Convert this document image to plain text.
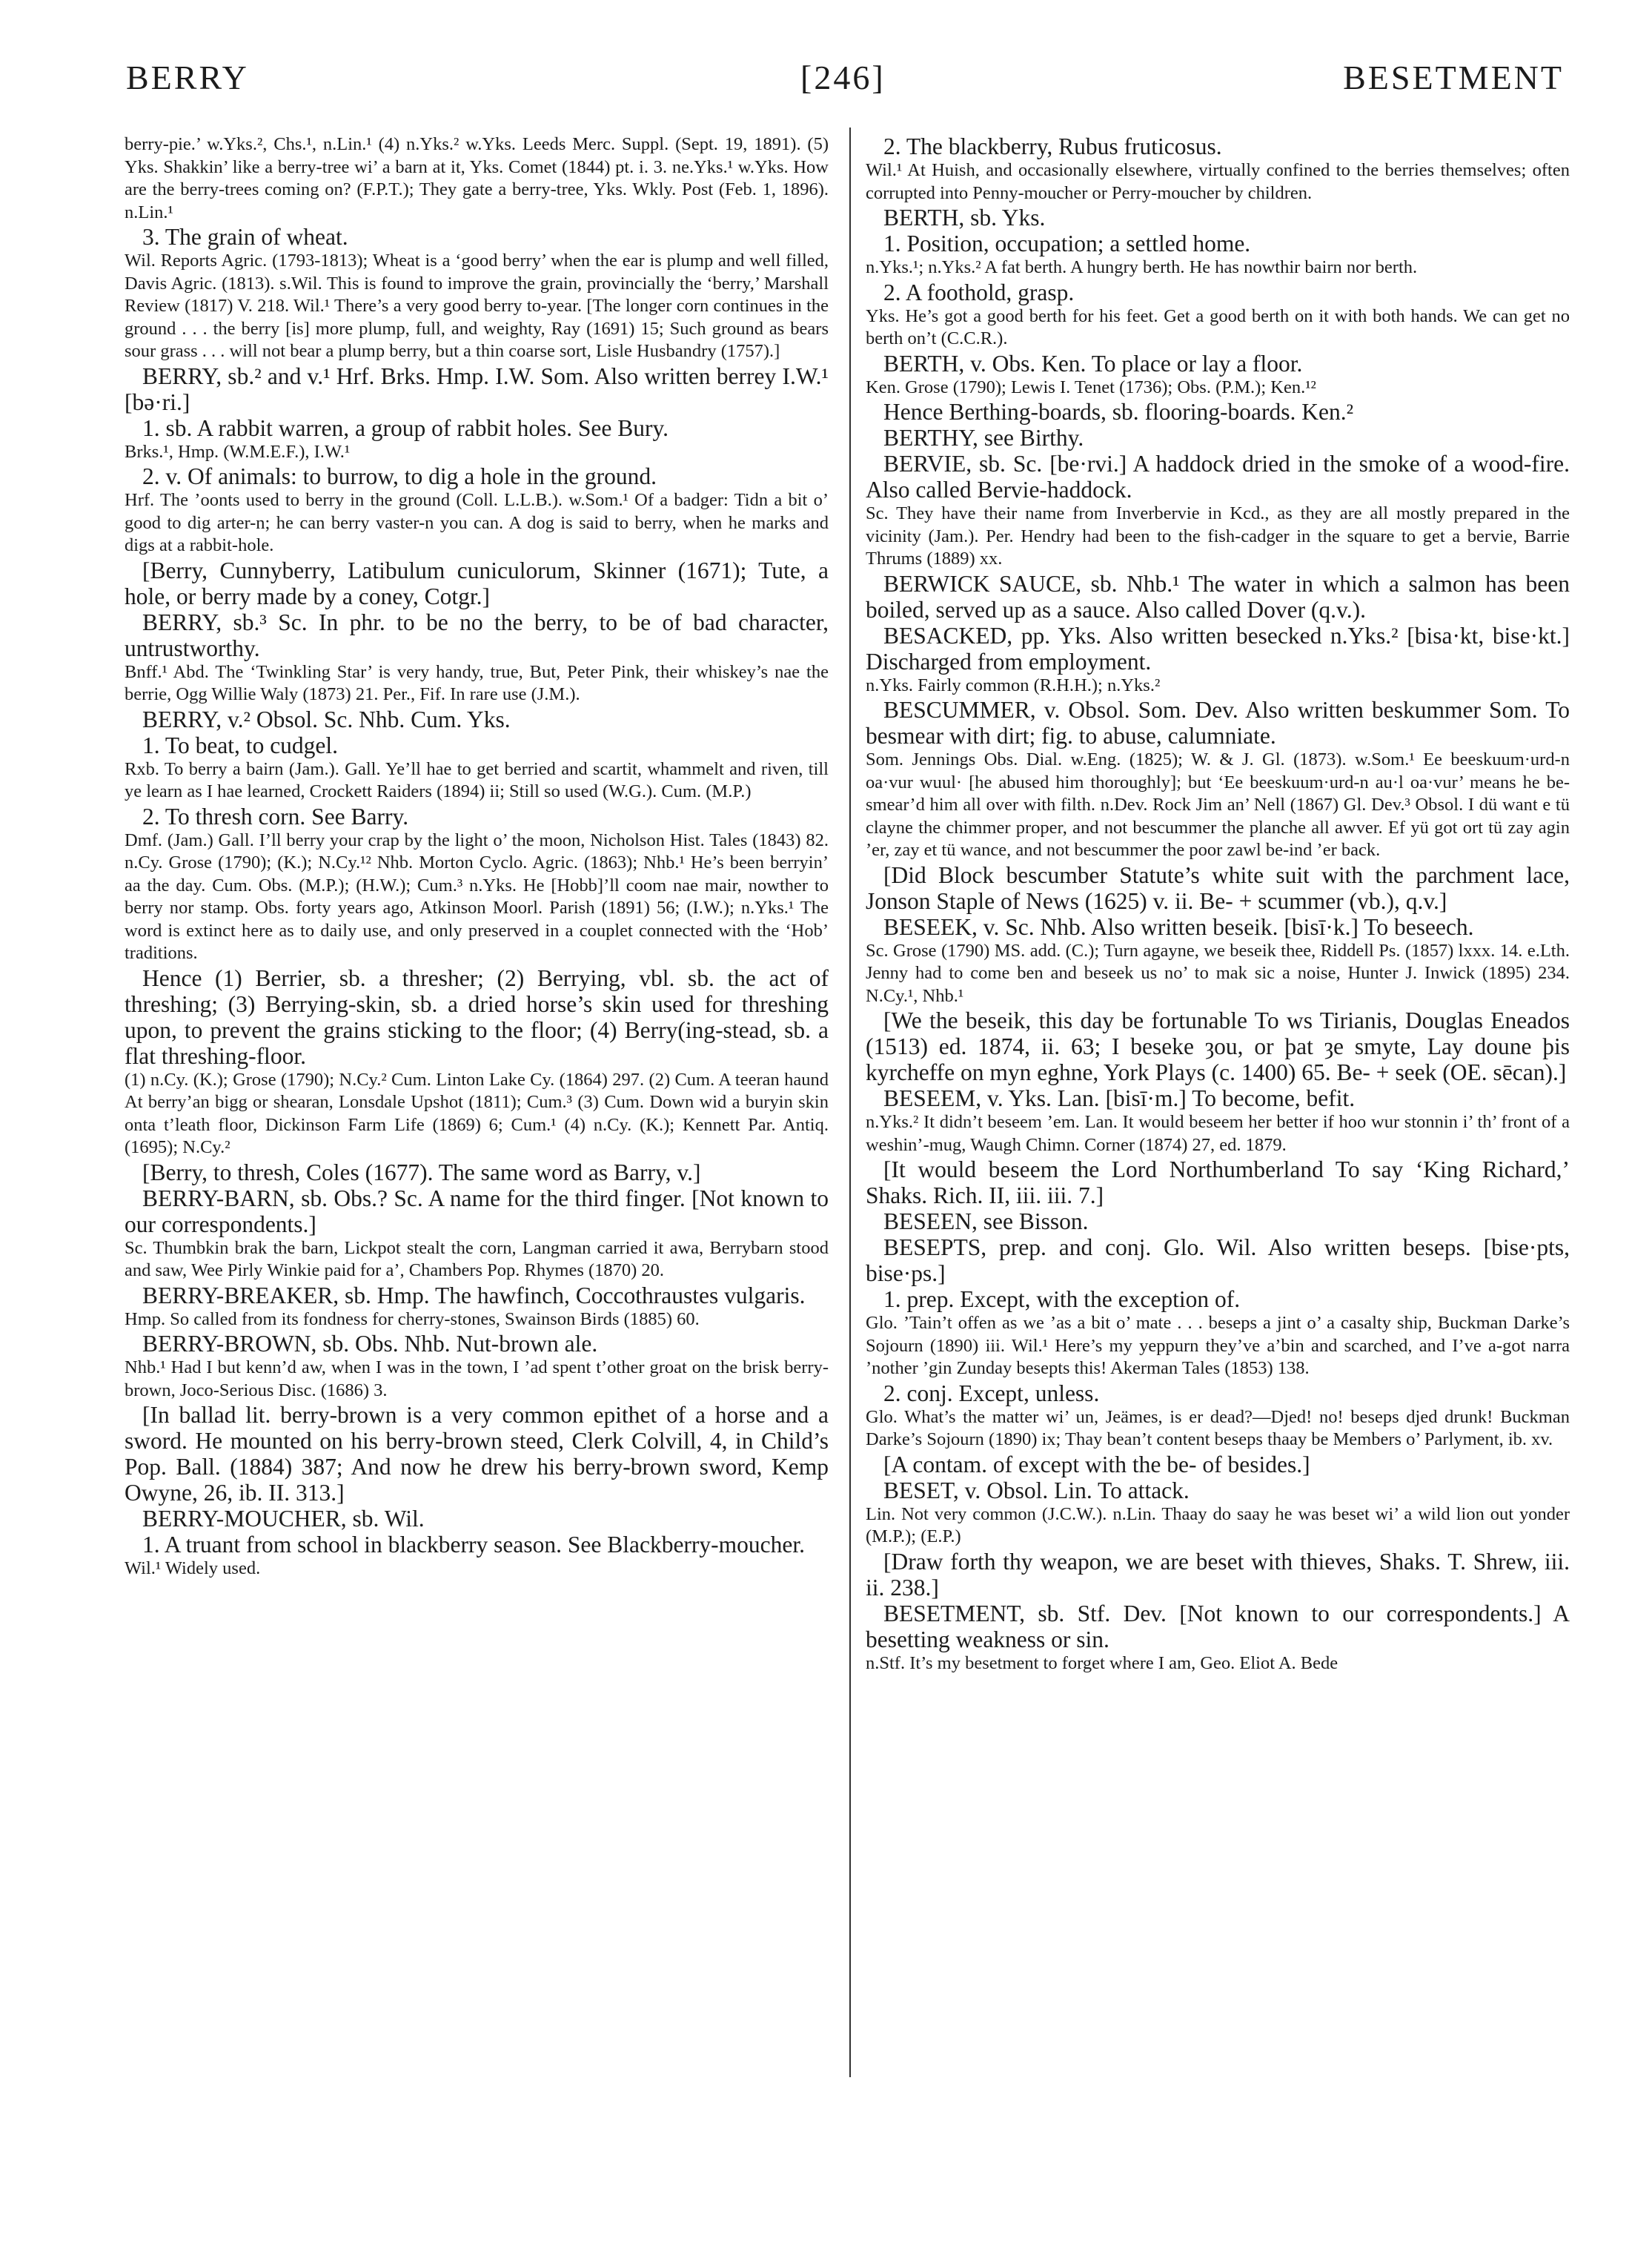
BERRY	[246]	BESETMENT

berry-pie.’ w.Yks.², Chs.¹, n.Lin.¹ (4) n.Yks.² w.Yks. Leeds Merc. Suppl. (Sept. 19, 1891). (5) Yks. Shakkin’ like a berry-tree wi’ a barn at it, Yks. Comet (1844) pt. i. 3. ne.Yks.¹ w.Yks. How are the berry-trees coming on? (F.P.T.); They gate a berry-tree, Yks. Wkly. Post (Feb. 1, 1896). n.Lin.¹

3. The grain of wheat.

Wil. Reports Agric. (1793-1813); Wheat is a ‘good berry’ when the ear is plump and well filled, Davis Agric. (1813). s.Wil. This is found to improve the grain, provincially the ‘berry,’ Marshall Review (1817) V. 218. Wil.¹ There’s a very good berry to-year. [The longer corn continues in the ground . . . the berry [is] more plump, full, and weighty, Ray (1691) 15; Such ground as bears sour grass . . . will not bear a plump berry, but a thin coarse sort, Lisle Husbandry (1757).]

BERRY, sb.² and v.¹ Hrf. Brks. Hmp. I.W. Som. Also written berrey I.W.¹ [bə·ri.]

1. sb. A rabbit warren, a group of rabbit holes. See Bury.

Brks.¹, Hmp. (W.M.E.F.), I.W.¹

2. v. Of animals: to burrow, to dig a hole in the ground.

Hrf. The ’oonts used to berry in the ground (Coll. L.L.B.). w.Som.¹ Of a badger: Tidn a bit o’ good to dig arter-n; he can berry vaster-n you can. A dog is said to berry, when he marks and digs at a rabbit-hole.

[Berry, Cunnyberry, Latibulum cuniculorum, Skinner (1671); Tute, a hole, or berry made by a coney, Cotgr.]

BERRY, sb.³ Sc. In phr. to be no the berry, to be of bad character, untrustworthy.

Bnff.¹ Abd. The ‘Twinkling Star’ is very handy, true, But, Peter Pink, their whiskey’s nae the berrie, Ogg Willie Waly (1873) 21. Per., Fif. In rare use (J.M.).

BERRY, v.² Obsol. Sc. Nhb. Cum. Yks.

1. To beat, to cudgel.

Rxb. To berry a bairn (Jam.). Gall. Ye’ll hae to get berried and scartit, whammelt and riven, till ye learn as I hae learned, Crockett Raiders (1894) ii; Still so used (W.G.). Cum. (M.P.)

2. To thresh corn. See Barry.

Dmf. (Jam.) Gall. I’ll berry your crap by the light o’ the moon, Nicholson Hist. Tales (1843) 82. n.Cy. Grose (1790); (K.); N.Cy.¹² Nhb. Morton Cyclo. Agric. (1863); Nhb.¹ He’s been berryin’ aa the day. Cum. Obs. (M.P.); (H.W.); Cum.³ n.Yks. He [Hobb]’ll coom nae mair, nowther to berry nor stamp. Obs. forty years ago, Atkinson Moorl. Parish (1891) 56; (I.W.); n.Yks.¹ The word is extinct here as to daily use, and only preserved in a couplet connected with the ‘Hob’ traditions.

Hence (1) Berrier, sb. a thresher; (2) Berrying, vbl. sb. the act of threshing; (3) Berrying-skin, sb. a dried horse’s skin used for threshing upon, to prevent the grains sticking to the floor; (4) Berry(ing-stead, sb. a flat threshing-floor.

(1) n.Cy. (K.); Grose (1790); N.Cy.² Cum. Linton Lake Cy. (1864) 297. (2) Cum. A teeran haund At berry’an bigg or shearan, Lonsdale Upshot (1811); Cum.³ (3) Cum. Down wid a buryin skin onta t’leath floor, Dickinson Farm Life (1869) 6; Cum.¹ (4) n.Cy. (K.); Kennett Par. Antiq. (1695); N.Cy.²

[Berry, to thresh, Coles (1677). The same word as Barry, v.]

BERRY-BARN, sb. Obs.? Sc. A name for the third finger. [Not known to our correspondents.]

Sc. Thumbkin brak the barn, Lickpot stealt the corn, Langman carried it awa, Berrybarn stood and saw, Wee Pirly Winkie paid for a’, Chambers Pop. Rhymes (1870) 20.

BERRY-BREAKER, sb. Hmp. The hawfinch, Coccothraustes vulgaris.

Hmp. So called from its fondness for cherry-stones, Swainson Birds (1885) 60.

BERRY-BROWN, sb. Obs. Nhb. Nut-brown ale.

Nhb.¹ Had I but kenn’d aw, when I was in the town, I ’ad spent t’other groat on the brisk berry-brown, Joco-Serious Disc. (1686) 3.

[In ballad lit. berry-brown is a very common epithet of a horse and a sword. He mounted on his berry-brown steed, Clerk Colvill, 4, in Child’s Pop. Ball. (1884) 387; And now he drew his berry-brown sword, Kemp Owyne, 26, ib. II. 313.]

BERRY-MOUCHER, sb. Wil.

1. A truant from school in blackberry season. See Blackberry-moucher.

Wil.¹ Widely used.

2. The blackberry, Rubus fruticosus.

Wil.¹ At Huish, and occasionally elsewhere, virtually confined to the berries themselves; often corrupted into Penny-moucher or Perry-moucher by children.

BERTH, sb. Yks.

1. Position, occupation; a settled home.

n.Yks.¹; n.Yks.² A fat berth. A hungry berth. He has nowthir bairn nor berth.

2. A foothold, grasp.

Yks. He’s got a good berth for his feet. Get a good berth on it with both hands. We can get no berth on’t (C.C.R.).

BERTH, v. Obs. Ken. To place or lay a floor.

Ken. Grose (1790); Lewis I. Tenet (1736); Obs. (P.M.); Ken.¹²

Hence Berthing-boards, sb. flooring-boards. Ken.²

BERTHY, see Birthy.

BERVIE, sb. Sc. [be·rvi.] A haddock dried in the smoke of a wood-fire. Also called Bervie-haddock.

Sc. They have their name from Inverbervie in Kcd., as they are all mostly prepared in the vicinity (Jam.). Per. Hendry had been to the fish-cadger in the square to get a bervie, Barrie Thrums (1889) xx.

BERWICK SAUCE, sb. Nhb.¹ The water in which a salmon has been boiled, served up as a sauce. Also called Dover (q.v.).

BESACKED, pp. Yks. Also written besecked n.Yks.² [bisa·kt, bise·kt.] Discharged from employment.

n.Yks. Fairly common (R.H.H.); n.Yks.²

BESCUMMER, v. Obsol. Som. Dev. Also written beskummer Som. To besmear with dirt; fig. to abuse, calumniate.

Som. Jennings Obs. Dial. w.Eng. (1825); W. & J. Gl. (1873). w.Som.¹ Ee beeskuum·urd-n oa·vur wuul· [he abused him thoroughly]; but ‘Ee beeskuum·urd-n au·l oa·vur’ means he be-smear’d him all over with filth. n.Dev. Rock Jim an’ Nell (1867) Gl. Dev.³ Obsol. I dü want e tü clayne the chimmer proper, and not bescummer the planche all awver. Ef yü got ort tü zay agin ’er, zay et tü wance, and not bescummer the poor zawl be-ind ’er back.

[Did Block bescumber Statute’s white suit with the parchment lace, Jonson Staple of News (1625) v. ii. Be- + scummer (vb.), q.v.]

BESEEK, v. Sc. Nhb. Also written beseik. [bisī·k.] To beseech.

Sc. Grose (1790) MS. add. (C.); Turn agayne, we beseik thee, Riddell Ps. (1857) lxxx. 14. e.Lth. Jenny had to come ben and beseek us no’ to mak sic a noise, Hunter J. Inwick (1895) 234. N.Cy.¹, Nhb.¹

[We the beseik, this day be fortunable To ws Tirianis, Douglas Eneados (1513) ed. 1874, ii. 63; I beseke ȝou, or þat ȝe smyte, Lay doune þis kyrcheffe on myn eghne, York Plays (c. 1400) 65. Be- + seek (OE. sēcan).]

BESEEM, v. Yks. Lan. [bisī·m.] To become, befit.

n.Yks.² It didn’t beseem ’em. Lan. It would beseem her better if hoo wur stonnin i’ th’ front of a weshin’-mug, Waugh Chimn. Corner (1874) 27, ed. 1879.

[It would beseem the Lord Northumberland To say ‘King Richard,’ Shaks. Rich. II, iii. iii. 7.]

BESEEN, see Bisson.

BESEPTS, prep. and conj. Glo. Wil. Also written beseps. [bise·pts, bise·ps.]

1. prep. Except, with the exception of.

Glo. ’Tain’t offen as we ’as a bit o’ mate . . . beseps a jint o’ a casalty ship, Buckman Darke’s Sojourn (1890) iii. Wil.¹ Here’s my yeppurn they’ve a’bin and scarched, and I’ve a-got narra ’nother ’gin Zunday besepts this! Akerman Tales (1853) 138.

2. conj. Except, unless.

Glo. What’s the matter wi’ un, Jeämes, is er dead?—Djed! no! beseps djed drunk! Buckman Darke’s Sojourn (1890) ix; Thay bean’t content beseps thaay be Members o’ Parlyment, ib. xv.

[A contam. of except with the be- of besides.]

BESET, v. Obsol. Lin. To attack.

Lin. Not very common (J.C.W.). n.Lin. Thaay do saay he was beset wi’ a wild lion out yonder (M.P.); (E.P.)

[Draw forth thy weapon, we are beset with thieves, Shaks. T. Shrew, iii. ii. 238.]

BESETMENT, sb. Stf. Dev. [Not known to our correspondents.] A besetting weakness or sin.

n.Stf. It’s my besetment to forget where I am, Geo. Eliot A. Bede
